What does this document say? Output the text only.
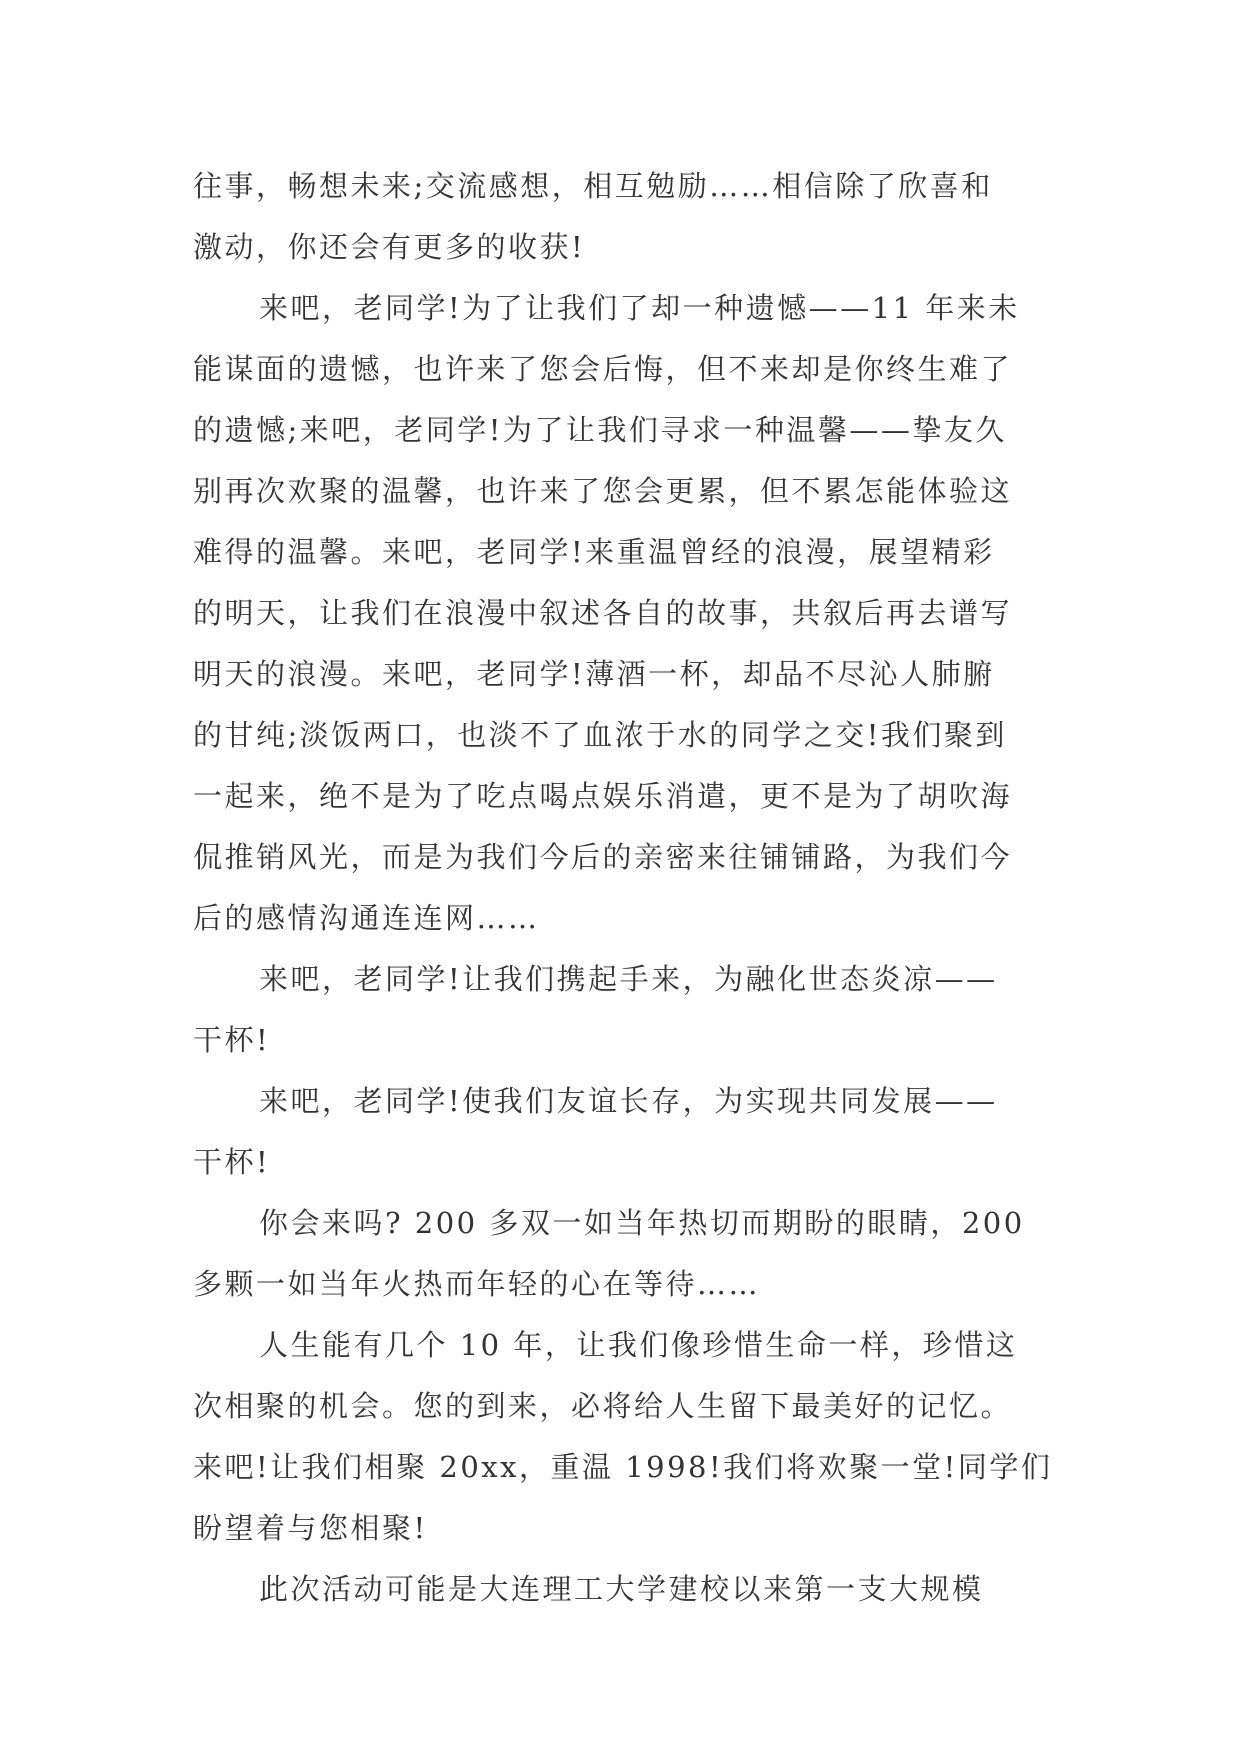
往事，畅想未来;交流感想，相互勉励……相信除了欣喜和
激动，你还会有更多的收获!
来吧，老同学!为了让我们了却一种遗憾——11 年来未
能谋面的遗憾，也许来了您会后悔，但不来却是你终生难了
的遗憾;来吧，老同学!为了让我们寻求一种温馨——挚友久
别再次欢聚的温馨，也许来了您会更累，但不累怎能体验这
难得的温馨。来吧，老同学!来重温曾经的浪漫，展望精彩
的明天，让我们在浪漫中叙述各自的故事，共叙后再去谱写
明天的浪漫。来吧，老同学!薄酒一杯，却品不尽沁人肺腑
的甘纯;淡饭两口，也淡不了血浓于水的同学之交!我们聚到
一起来，绝不是为了吃点喝点娱乐消遣，更不是为了胡吹海
侃推销风光，而是为我们今后的亲密来往铺铺路，为我们今
后的感情沟通连连网……
来吧，老同学!让我们携起手来，为融化世态炎凉——
干杯!
来吧，老同学!使我们友谊长存，为实现共同发展——
干杯!
你会来吗? 200 多双一如当年热切而期盼的眼睛，200
多颗一如当年火热而年轻的心在等待……
人生能有几个 10 年，让我们像珍惜生命一样，珍惜这
次相聚的机会。您的到来，必将给人生留下最美好的记忆。
来吧!让我们相聚 20xx，重温 1998!我们将欢聚一堂!同学们
盼望着与您相聚!
此次活动可能是大连理工大学建校以来第一支大规模
